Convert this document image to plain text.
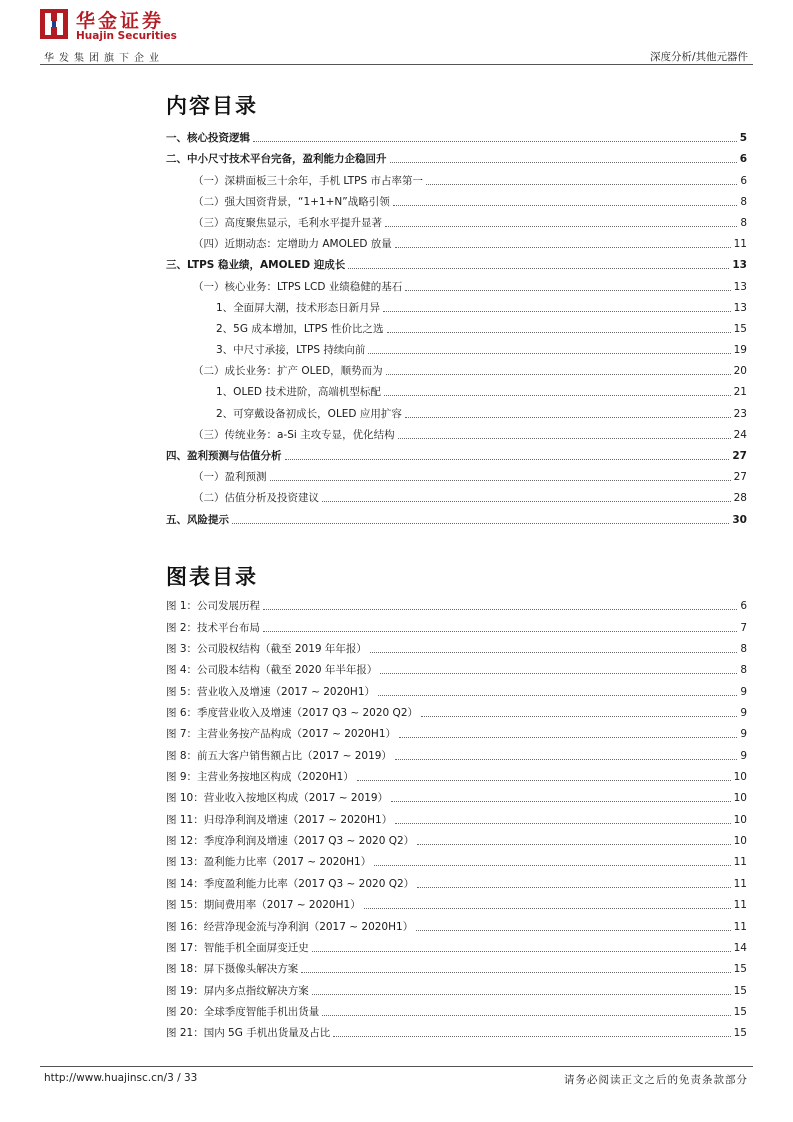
华金证券
Huajin Securities
华发集团旗下企业	深度分析/其他元器件
内容目录
一、核心投资逻辑	5
二、中小尺寸技术平台完备，盈利能力企稳回升	6
（一）深耕面板三十余年，手机 LTPS 市占率第一	6
（二）强大国资背景，“1+1+N”战略引领	8
（三）高度聚焦显示，毛利水平提升显著	8
（四）近期动态：定增助力 AMOLED 放量	11
三、LTPS 稳业绩，AMOLED 迎成长	13
（一）核心业务：LTPS LCD 业绩稳健的基石	13
1、全面屏大潮，技术形态日新月异	13
2、5G 成本增加，LTPS 性价比之选	15
3、中尺寸承接，LTPS 持续向前	19
（二）成长业务：扩产 OLED，顺势而为	20
1、OLED 技术进阶，高端机型标配	21
2、可穿戴设备初成长，OLED 应用扩容	23
（三）传统业务：a-Si 主攻专显，优化结构	24
四、盈利预测与估值分析	27
（一）盈利预测	27
（二）估值分析及投资建议	28
五、风险提示	30
图表目录
图 1：公司发展历程	6
图 2：技术平台布局	7
图 3：公司股权结构（截至 2019 年年报）	8
图 4：公司股本结构（截至 2020 年半年报）	8
图 5：营业收入及增速（2017 ~ 2020H1）	9
图 6：季度营业收入及增速（2017 Q3 ~ 2020 Q2）	9
图 7：主营业务按产品构成（2017 ~ 2020H1）	9
图 8：前五大客户销售额占比（2017 ~ 2019）	9
图 9：主营业务按地区构成（2020H1）	10
图 10：营业收入按地区构成（2017 ~ 2019）	10
图 11：归母净利润及增速（2017 ~ 2020H1）	10
图 12：季度净利润及增速（2017 Q3 ~ 2020 Q2）	10
图 13：盈利能力比率（2017 ~ 2020H1）	11
图 14：季度盈利能力比率（2017 Q3 ~ 2020 Q2）	11
图 15：期间费用率（2017 ~ 2020H1）	11
图 16：经营净现金流与净利润（2017 ~ 2020H1）	11
图 17：智能手机全面屏变迁史	14
图 18：屏下摄像头解决方案	15
图 19：屏内多点指纹解决方案	15
图 20：全球季度智能手机出货量	15
图 21：国内 5G 手机出货量及占比	15
http://www.huajinsc.cn/3 / 33	请务必阅读正文之后的免责条款部分
